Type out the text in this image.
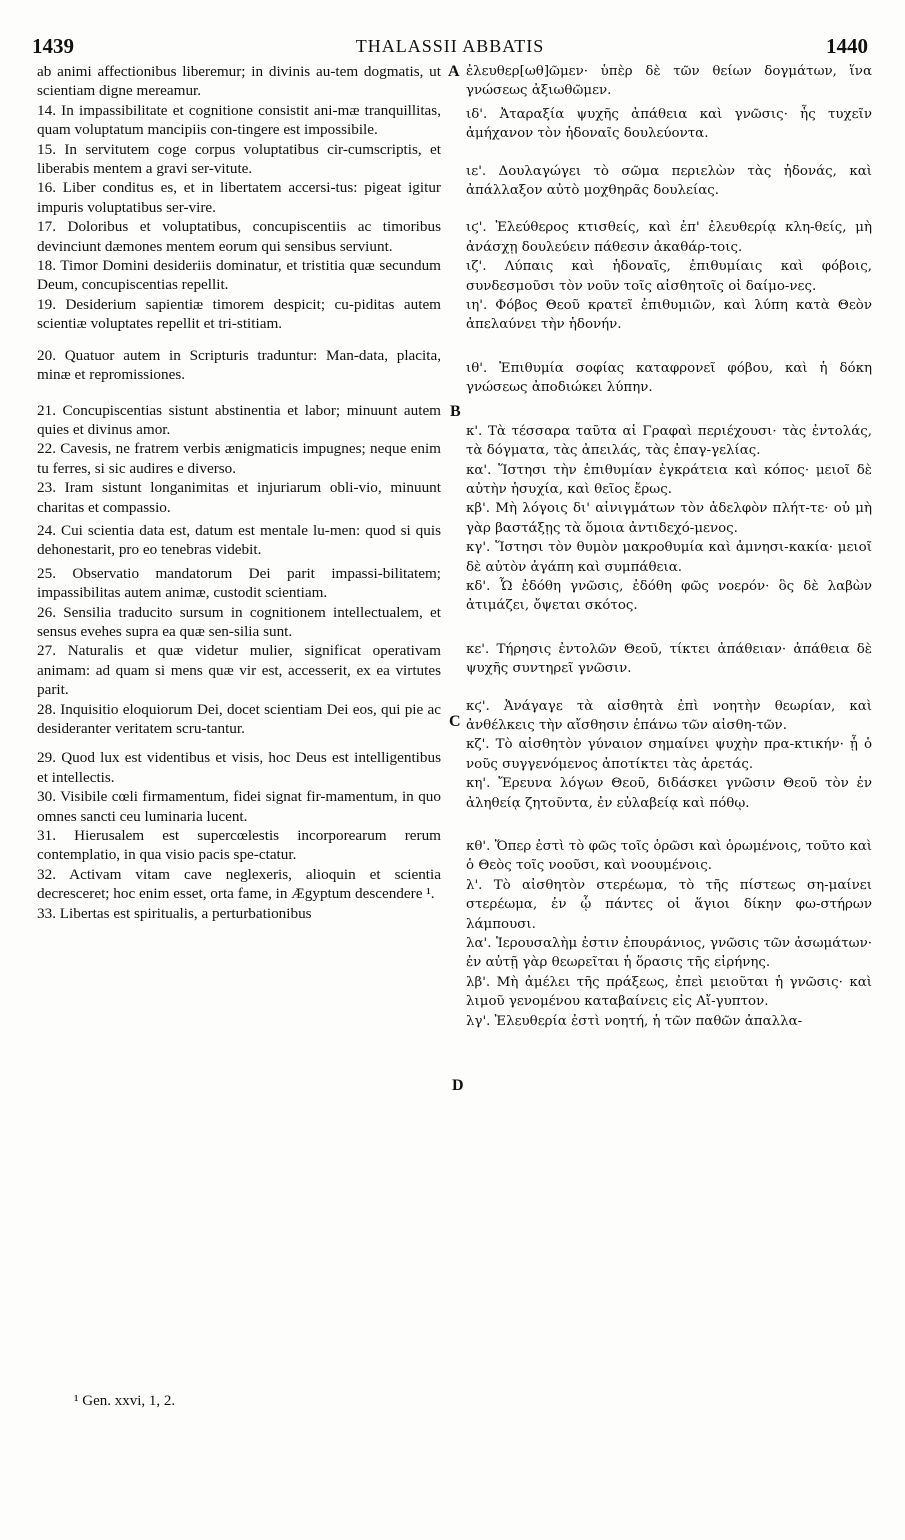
1439	THALASSII ABBATIS	1440
A
B
C
D

ab animi affectionibus liberemur; in divinis au-tem dogmatis, ut scientiam digne mereamur.

14. In impassibilitate et cognitione consistit ani-mæ tranquillitas, quam voluptatum mancipiis con-tingere est impossibile.

15. In servitutem coge corpus voluptatibus cir-cumscriptis, et liberabis mentem a gravi ser-vitute.

16. Liber conditus es, et in libertatem accersi-tus: pigeat igitur impuris voluptatibus ser-vire.

17. Doloribus et voluptatibus, concupiscentiis ac timoribus devinciunt dæmones mentem eorum qui sensibus serviunt.

18. Timor Domini desideriis dominatur, et tristitia quæ secundum Deum, concupiscentias repellit.

19. Desiderium sapientiæ timorem despicit; cu-piditas autem scientiæ voluptates repellit et tri-stitiam.

20. Quatuor autem in Scripturis traduntur: Man-data, placita, minæ et repromissiones.

21. Concupiscentias sistunt abstinentia et labor; minuunt autem quies et divinus amor.

22. Cavesis, ne fratrem verbis ænigmaticis impugnes; neque enim tu ferres, si sic audires e diverso.

23. Iram sistunt longanimitas et injuriarum obli-vio, minuunt charitas et compassio.

24. Cui scientia data est, datum est mentale lu-men: quod si quis dehonestarit, pro eo tenebras videbit.

25. Observatio mandatorum Dei parit impassi-bilitatem; impassibilitas autem animæ, custodit scientiam.

26. Sensilia traducito sursum in cognitionem intellectualem, et sensus evehes supra ea quæ sen-silia sunt.

27. Naturalis et quæ videtur mulier, significat operativam animam: ad quam si mens quæ vir est, accesserit, ex ea virtutes parit.

28. Inquisitio eloquiorum Dei, docet scientiam Dei eos, qui pie ac desideranter veritatem scru-tantur.

29. Quod lux est videntibus et visis, hoc Deus est intelligentibus et intellectis.

30. Visibile cœli firmamentum, fidei signat fir-mamentum, in quo omnes sancti ceu luminaria lucent.

31. Hierusalem est supercœlestis incorporearum rerum contemplatio, in qua visio pacis spe-ctatur.

32. Activam vitam cave neglexeris, alioquin et scientia decresceret; hoc enim esset, orta fame, in Ægyptum descendere ¹.

33. Libertas est spiritualis, a perturbationibus

ἐλευθερ[ωθ]ῶμεν· ὑπὲρ δὲ τῶν θείων δογμάτων, ἵνα γνώσεως ἀξιωθῶμεν.

ιδ'. Ἀταραξία ψυχῆς ἀπάθεια καὶ γνῶσις· ἧς τυχεῖν ἀμήχανον τὸν ἡδοναῖς δουλεύοντα.

ιε'. Δουλαγώγει τὸ σῶμα περιελὼν τὰς ἡδονάς, καὶ ἀπάλλαξον αὐτὸ μοχθηρᾶς δουλείας.

ιϛ'. Ἐλεύθερος κτισθείς, καὶ ἐπ' ἐλευθερίᾳ κλη-θείς, μὴ ἀνάσχῃ δουλεύειν πάθεσιν ἀκαθάρ-τοις.

ιζ'. Λύπαις καὶ ἡδοναῖς, ἐπιθυμίαις καὶ φόβοις, συνδεσμοῦσι τὸν νοῦν τοῖς αἰσθητοῖς οἱ δαίμο-νες.

ιη'. Φόβος Θεοῦ κρατεῖ ἐπιθυμιῶν, καὶ λύπη κατὰ Θεὸν ἀπελαύνει τὴν ἡδονήν.

ιθ'. Ἐπιθυμία σοφίας καταφρονεῖ φόβου, καὶ ἡ δόκη γνώσεως ἀποδιώκει λύπην.

κ'. Τὰ τέσσαρα ταῦτα αἱ Γραφαὶ περιέχουσι· τὰς ἐντολάς, τὰ δόγματα, τὰς ἀπειλάς, τὰς ἐπαγ-γελίας.

κα'. Ἵστησι τὴν ἐπιθυμίαν ἐγκράτεια καὶ κόπος· μειοῖ δὲ αὐτὴν ἡσυχία, καὶ θεῖος ἔρως.

κβ'. Μὴ λόγοις δι' αἰνιγμάτων τὸν ἀδελφὸν πλήτ-τε· οὐ μὴ γὰρ βαστάξῃς τὰ ὅμοια ἀντιδεχό-μενος.

κγ'. Ἵστησι τὸν θυμὸν μακροθυμία καὶ ἀμνησι-κακία· μειοῖ δὲ αὐτὸν ἀγάπη καὶ συμπάθεια.

κδ'. Ὧ ἐδόθη γνῶσις, ἐδόθη φῶς νοερόν· ὃς δὲ λαβὼν ἀτιμάζει, ὄψεται σκότος.

κε'. Τήρησις ἐντολῶν Θεοῦ, τίκτει ἀπάθειαν· ἀπάθεια δὲ ψυχῆς συντηρεῖ γνῶσιν.

κϛ'. Ἀνάγαγε τὰ αἰσθητὰ ἐπὶ νοητὴν θεωρίαν, καὶ ἀνθέλκεις τὴν αἴσθησιν ἐπάνω τῶν αἰσθη-τῶν.

κζ'. Τὸ αἰσθητὸν γύναιον σημαίνει ψυχὴν πρα-κτικήν· ᾗ ὁ νοῦς συγγενόμενος ἀποτίκτει τὰς ἀρετάς.

κη'. Ἔρευνα λόγων Θεοῦ, διδάσκει γνῶσιν Θεοῦ τὸν ἐν ἀληθείᾳ ζητοῦντα, ἐν εὐλαβείᾳ καὶ πόθῳ.

κθ'. Ὅπερ ἐστὶ τὸ φῶς τοῖς ὁρῶσι καὶ ὁρωμένοις, τοῦτο καὶ ὁ Θεὸς τοῖς νοοῦσι, καὶ νοουμένοις.

λ'. Τὸ αἰσθητὸν στερέωμα, τὸ τῆς πίστεως ση-μαίνει στερέωμα, ἐν ᾧ πάντες οἱ ἅγιοι δίκην φω-στήρων λάμπουσι.

λα'. Ἱερουσαλὴμ ἐστιν ἐπουράνιος, γνῶσις τῶν ἀσωμάτων· ἐν αὐτῇ γὰρ θεωρεῖται ἡ ὅρασις τῆς εἰρήνης.

λβ'. Μὴ ἀμέλει τῆς πράξεως, ἐπεὶ μειοῦται ἡ γνῶσις· καὶ λιμοῦ γενομένου καταβαίνεις εἰς Αἴ-γυπτον.

λγ'. Ἐλευθερία ἐστὶ νοητή, ἡ τῶν παθῶν ἀπαλλα-

¹ Gen. xxvi, 1, 2.
